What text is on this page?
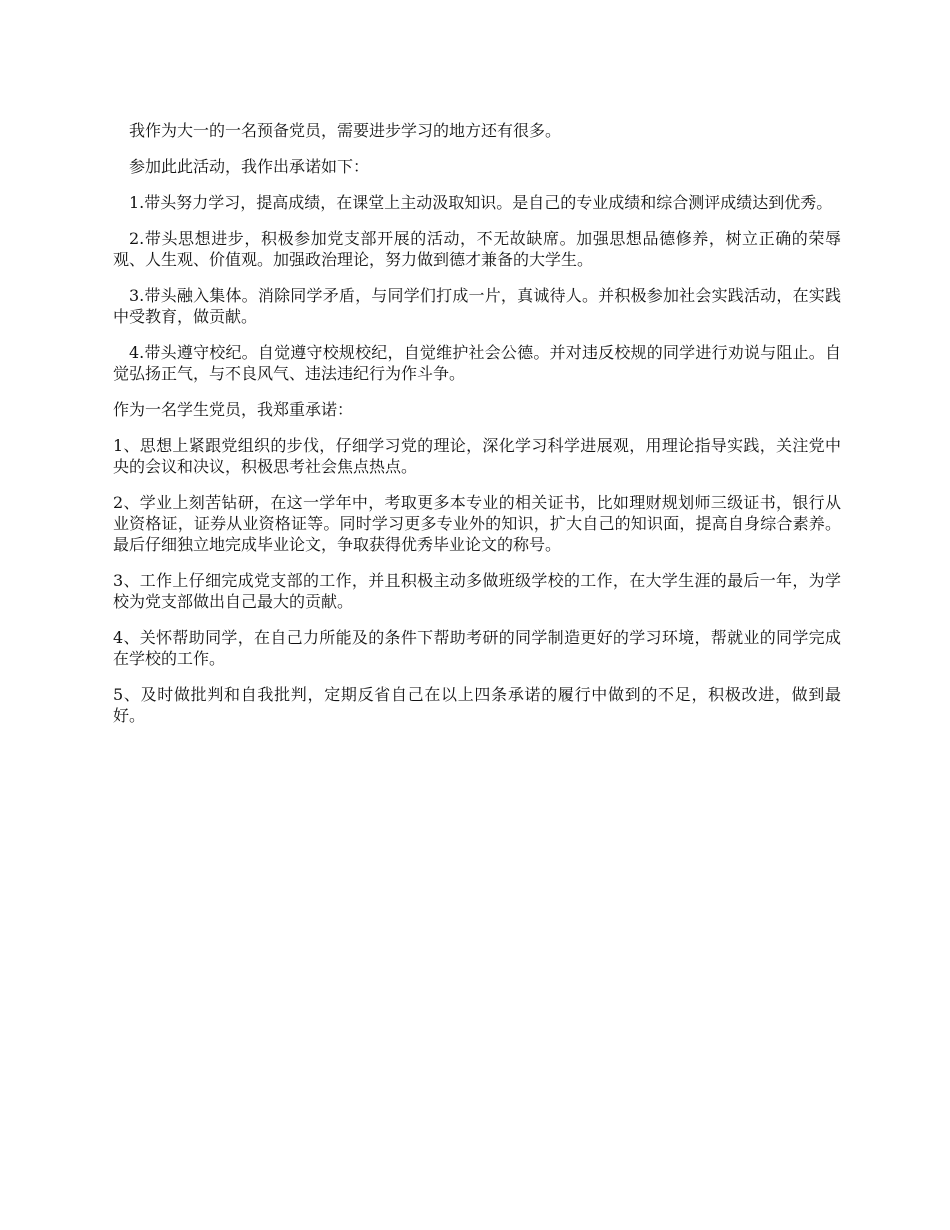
我作为大一的一名预备党员，需要进步学习的地方还有很多。

参加此此活动，我作出承诺如下：

1.带头努力学习，提高成绩，在课堂上主动汲取知识。是自己的专业成绩和综合测评成绩达到优秀。

2.带头思想进步，积极参加党支部开展的活动，不无故缺席。加强思想品德修养，树立正确的荣辱观、人生观、价值观。加强政治理论，努力做到德才兼备的大学生。

3.带头融入集体。消除同学矛盾，与同学们打成一片，真诚待人。并积极参加社会实践活动，在实践中受教育，做贡献。

4.带头遵守校纪。自觉遵守校规校纪，自觉维护社会公德。并对违反校规的同学进行劝说与阻止。自觉弘扬正气，与不良风气、违法违纪行为作斗争。

作为一名学生党员，我郑重承诺：

1、思想上紧跟党组织的步伐，仔细学习党的理论，深化学习科学进展观，用理论指导实践，关注党中央的会议和决议，积极思考社会焦点热点。

2、学业上刻苦钻研，在这一学年中，考取更多本专业的相关证书，比如理财规划师三级证书，银行从业资格证，证券从业资格证等。同时学习更多专业外的知识，扩大自己的知识面，提高自身综合素养。最后仔细独立地完成毕业论文，争取获得优秀毕业论文的称号。

3、工作上仔细完成党支部的工作，并且积极主动多做班级学校的工作，在大学生涯的最后一年，为学校为党支部做出自己最大的贡献。

4、关怀帮助同学，在自己力所能及的条件下帮助考研的同学制造更好的学习环境，帮就业的同学完成在学校的工作。

5、及时做批判和自我批判，定期反省自己在以上四条承诺的履行中做到的不足，积极改进，做到最好。
